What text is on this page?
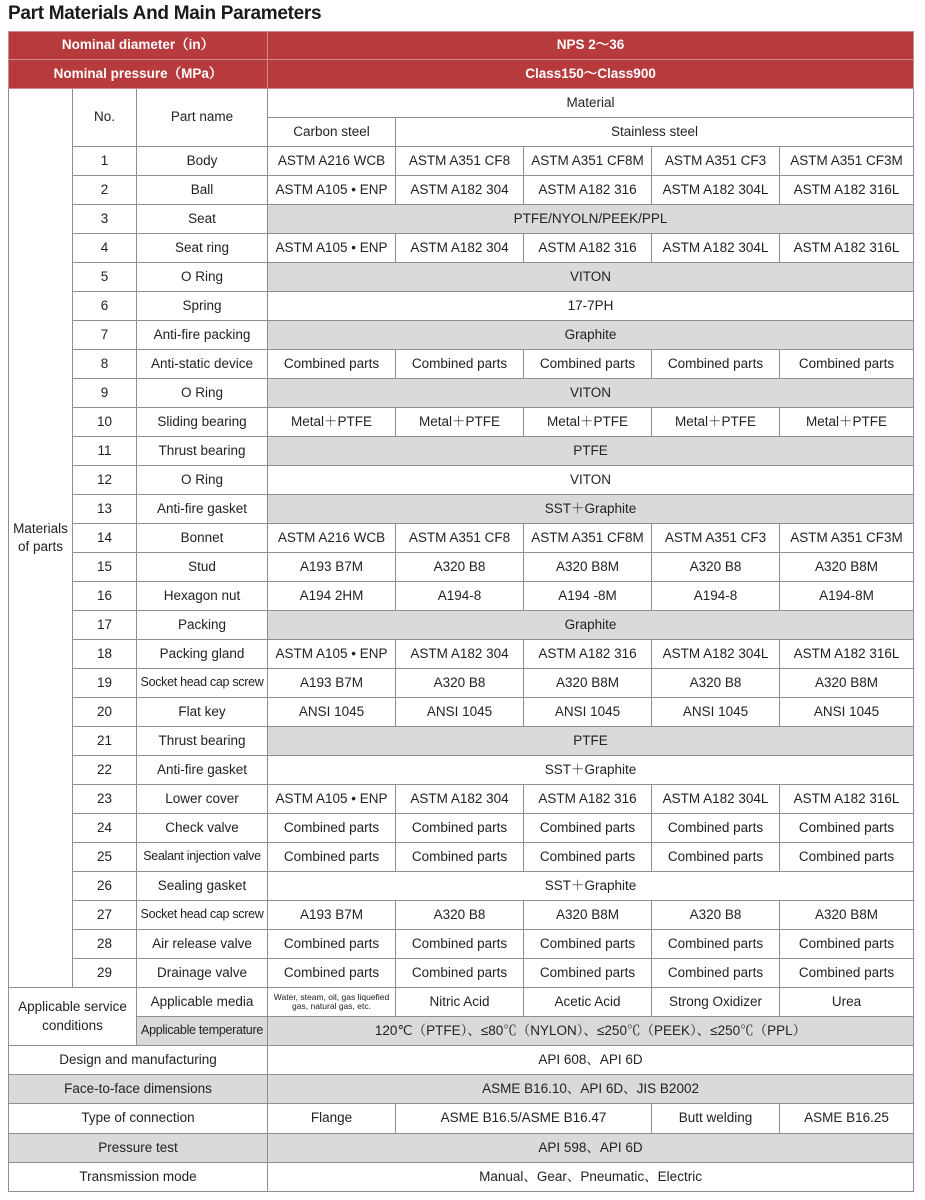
Part Materials And Main Parameters
Nominal diameter（in）			NPS 2～36				
Nominal pressure（MPa）			Class150～Class900				
Materials of parts	No.	Part name	Material				
			Carbon steel	Stainless steel			
	1	Body	ASTM A216 WCB	ASTM A351 CF8	ASTM A351 CF8M	ASTM A351 CF3	ASTM A351 CF3M
	2	Ball	ASTM A105 • ENP	ASTM A182 304	ASTM A182 316	ASTM A182 304L	ASTM A182 316L
	3	Seat	PTFE/NYOLN/PEEK/PPL				
	4	Seat ring	ASTM A105 • ENP	ASTM A182 304	ASTM A182 316	ASTM A182 304L	ASTM A182 316L
	5	O Ring	VITON				
	6	Spring	17-7PH				
	7	Anti-fire packing	Graphite				
	8	Anti-static device	Combined parts	Combined parts	Combined parts	Combined parts	Combined parts
	9	O Ring	VITON				
	10	Sliding bearing	Metal＋PTFE	Metal＋PTFE	Metal＋PTFE	Metal＋PTFE	Metal＋PTFE
	11	Thrust bearing	PTFE				
	12	O Ring	VITON				
	13	Anti-fire gasket	SST＋Graphite				
	14	Bonnet	ASTM A216 WCB	ASTM A351 CF8	ASTM A351 CF8M	ASTM A351 CF3	ASTM A351 CF3M
	15	Stud	A193 B7M	A320 B8	A320 B8M	A320 B8	A320 B8M
	16	Hexagon nut	A194 2HM	A194-8	A194 -8M	A194-8	A194-8M
	17	Packing	Graphite				
	18	Packing gland	ASTM A105 • ENP	ASTM A182 304	ASTM A182 316	ASTM A182 304L	ASTM A182 316L
	19	Socket head cap screw	A193 B7M	A320 B8	A320 B8M	A320 B8	A320 B8M
	20	Flat key	ANSI 1045	ANSI 1045	ANSI 1045	ANSI 1045	ANSI 1045
	21	Thrust bearing	PTFE				
	22	Anti-fire gasket	SST＋Graphite				
	23	Lower cover	ASTM A105 • ENP	ASTM A182 304	ASTM A182 316	ASTM A182 304L	ASTM A182 316L
	24	Check valve	Combined parts	Combined parts	Combined parts	Combined parts	Combined parts
	25	Sealant injection valve	Combined parts	Combined parts	Combined parts	Combined parts	Combined parts
	26	Sealing gasket	SST＋Graphite				
	27	Socket head cap screw	A193 B7M	A320 B8	A320 B8M	A320 B8	A320 B8M
	28	Air release valve	Combined parts	Combined parts	Combined parts	Combined parts	Combined parts
	29	Drainage valve	Combined parts	Combined parts	Combined parts	Combined parts	Combined parts
Applicable service conditions		Applicable media	Water, steam, oil, gas liquefied gas, natural gas, etc.	Nitric Acid	Acetic Acid	Strong Oxidizer	Urea
		Applicable temperature	120℃（PTFE）、≤80℃（NYLON）、≤250℃（PEEK）、≤250℃（PPL）				
Design and manufacturing			API 608、API 6D				
Face-to-face dimensions			ASME B16.10、API 6D、JIS B2002				
Type of connection			Flange	ASME B16.5/ASME B16.47		Butt welding	ASME B16.25
Pressure test			API 598、API 6D				
Transmission mode			Manual、Gear、Pneumatic、Electric				
